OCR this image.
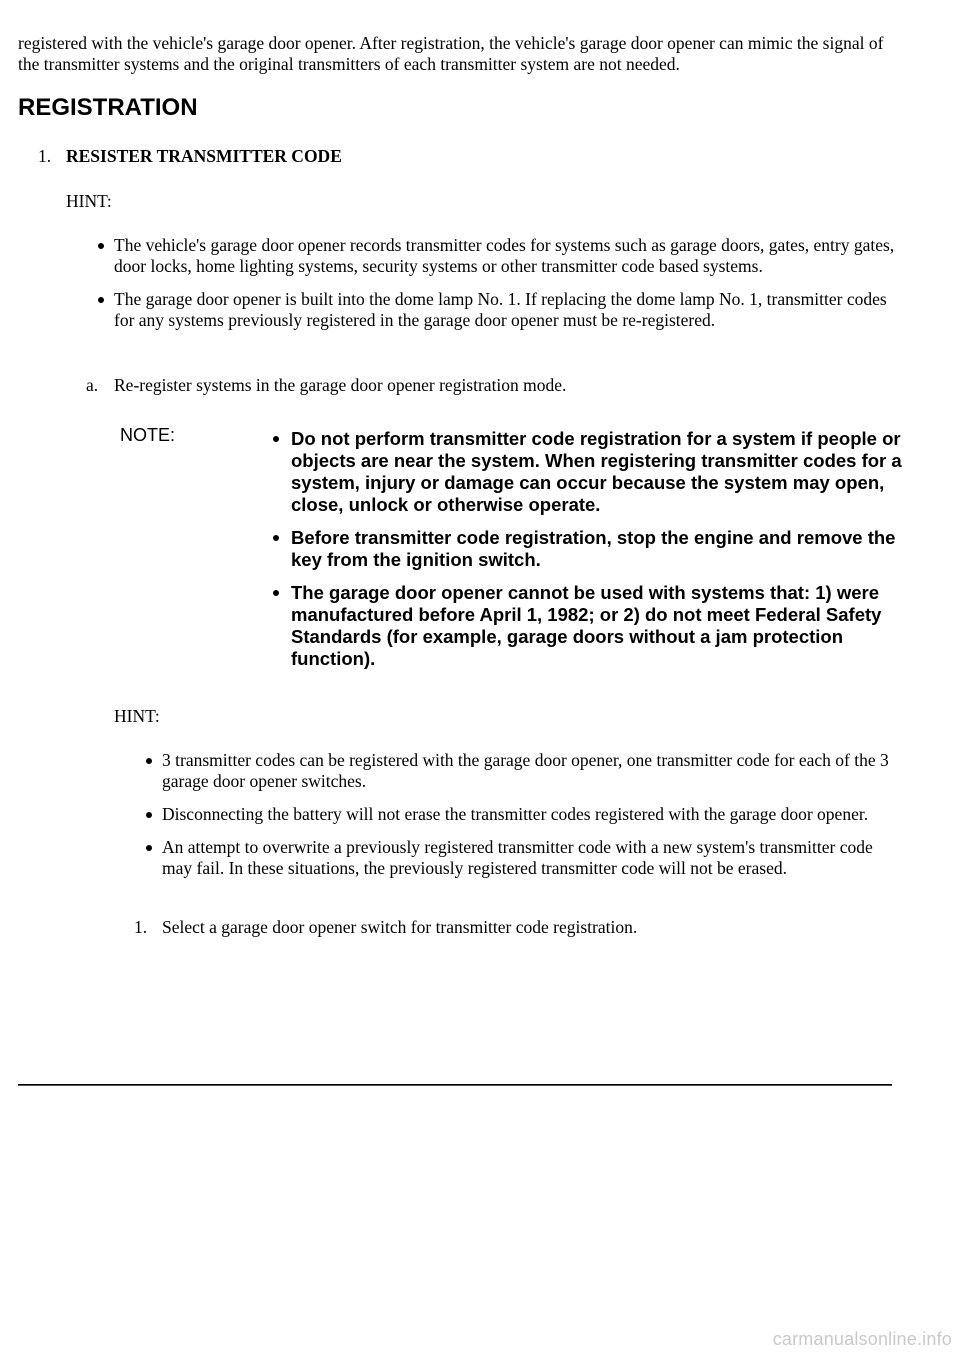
registered with the vehicle's garage door opener. After registration, the vehicle's garage door opener can mimic the signal of the transmitter systems and the original transmitters of each transmitter system are not needed.

REGISTRATION
1. RESISTER TRANSMITTER CODE
HINT:
The vehicle's garage door opener records transmitter codes for systems such as garage doors, gates, entry gates, door locks, home lighting systems, security systems or other transmitter code based systems.
The garage door opener is built into the dome lamp No. 1. If replacing the dome lamp No. 1, transmitter codes for any systems previously registered in the garage door opener must be re-registered.
a. Re-register systems in the garage door opener registration mode.
NOTE:	Do not perform transmitter code registration for a system if people or objects are near the system. When registering transmitter codes for a system, injury or damage can occur because the system may open, close, unlock or otherwise operate.
Before transmitter code registration, stop the engine and remove the key from the ignition switch.
The garage door opener cannot be used with systems that: 1) were manufactured before April 1, 1982; or 2) do not meet Federal Safety Standards (for example, garage doors without a jam protection function).
HINT:
3 transmitter codes can be registered with the garage door opener, one transmitter code for each of the 3 garage door opener switches.
Disconnecting the battery will not erase the transmitter codes registered with the garage door opener.
An attempt to overwrite a previously registered transmitter code with a new system's transmitter code may fail. In these situations, the previously registered transmitter code will not be erased.
1. Select a garage door opener switch for transmitter code registration.
carmanualsonline.info
